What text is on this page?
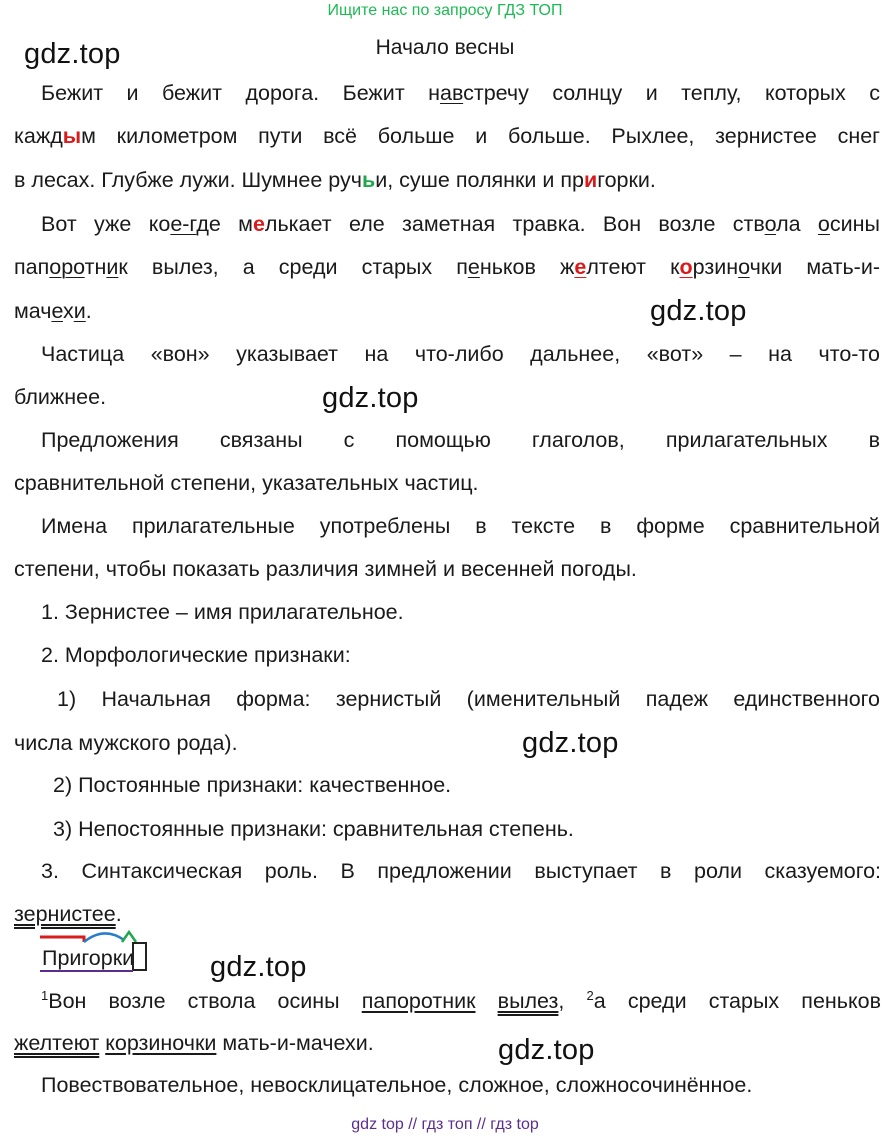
Ищите нас по запросу ГДЗ ТОП
gdz.top	Начало весны
Бежит и бежит дорога. Бежит навстречу солнцу и теплу, которых с
каждым километром пути всё больше и больше. Рыхлее, зернистее снег
в лесах. Глубже лужи. Шумнее ручьи, суше полянки и пригорки.
Вот уже кое-где мелькает еле заметная травка. Вон возле ствола осины
папоротник вылез, а среди старых пеньков желтеют корзиночки мать-и-
мачехи.	gdz.top
Частица «вон» указывает на что-либо дальнее, «вот» – на что-то
ближнее.	gdz.top
Предложения связаны с помощью глаголов, прилагательных в
сравнительной степени, указательных частиц.
Имена прилагательные употреблены в тексте в форме сравнительной
степени, чтобы показать различия зимней и весенней погоды.
1. Зернистее – имя прилагательное.
2. Морфологические признаки:
1) Начальная форма: зернистый (именительный падеж единственного
числа мужского рода).	gdz.top
2) Постоянные признаки: качественное.
3) Непостоянные признаки: сравнительная степень.
3. Синтаксическая роль. В предложении выступает в роли сказуемого:
зернистее.
Пригорки	gdz.top
$^1$Вон возле ствола осины папоротник вылез, $^2$а среди старых пеньков
желтеют корзиночки мать-и-мачехи.	gdz.top
Повествовательное, невосклицательное, сложное, сложносочинённое.
gdz top // гдз топ // гдз top
